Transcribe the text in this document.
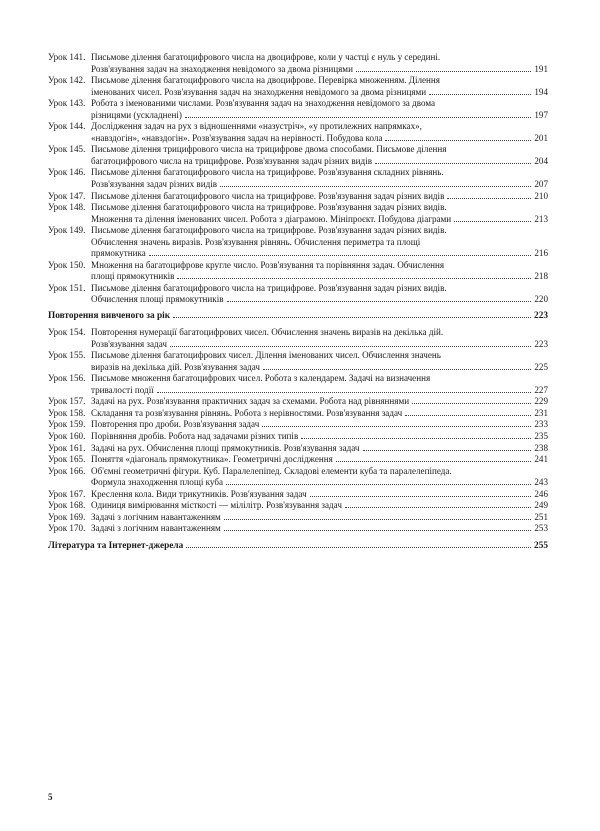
Урок 141. Письмове ділення багатоцифрового числа на двоцифрове, коли у частці є нуль у середині.
Розв'язування задач на знаходження невідомого за двома різницями	191
Урок 142. Письмове ділення багатоцифрового числа на двоцифрове. Перевірка множенням. Ділення
іменованих чисел. Розв'язування задач на знаходження невідомого за двома різницями	194
Урок 143. Робота з іменованими числами. Розв'язування задач на знаходження невідомого за двома
різницями (ускладнені)	197
Урок 144. Дослідження задач на рух з відношеннями «назустріч», «у протилежних напрямках»,
«навздогін», «навздогін». Розв'язування задач на нерівності. Побудова кола	201
Урок 145. Письмове ділення трицифрового числа на трицифрове двома способами. Письмове ділення
багатоцифрового числа на трицифрове. Розв'язування задач різних видів	204
Урок 146. Письмове ділення багатоцифрового числа на трицифрове. Розв'язування складних рівнянь.
Розв'язування задач різних видів	207
Урок 147. Письмове ділення багатоцифрового числа на трицифрове. Розв'язування задач різних видів	210
Урок 148. Письмове ділення багатоцифрового числа на трицифрове. Розв'язування задач різних видів.
Множення та ділення іменованих чисел. Робота з діаграмою. Мініпроєкт. Побудова діаграми	213
Урок 149. Письмове ділення багатоцифрового числа на трицифрове. Розв'язування задач різних видів.
Обчислення значень виразів. Розв'язування рівнянь. Обчислення периметра та площі
прямокутника	216
Урок 150. Множення на багатоцифрове кругле число. Розв'язування та порівняння задач. Обчислення
площі прямокутників	218
Урок 151. Письмове ділення багатоцифрового числа на трицифрове. Розв'язування задач різних видів.
Обчислення площі прямокутників	220
Повторення вивченого за рік	223
Урок 154. Повторення нумерації багатоцифрових чисел. Обчислення значень виразів на декілька дій.
Розв'язування задач	223
Урок 155. Письмове ділення багатоцифрових чисел. Ділення іменованих чисел. Обчислення значень
виразів на декілька дій. Розв'язування задач	225
Урок 156. Письмове множення багатоцифрових чисел. Робота з календарем. Задачі на визначення
тривалості події	227
Урок 157. Задачі на рух. Розв'язування практичних задач за схемами. Робота над рівняннями	229
Урок 158. Складання та розв'язування рівнянь. Робота з нерівностями. Розв'язування задач	231
Урок 159. Повторення про дроби. Розв'язування задач	233
Урок 160. Порівняння дробів. Робота над задачами різних типів	235
Урок 161. Задачі на рух. Обчислення площі прямокутників. Розв'язування задач	238
Урок 165. Поняття «діагональ прямокутника». Геометричні дослідження	241
Урок 166. Об'ємні геометричні фігури. Куб. Паралелепіпед. Складові елементи куба та паралелепіпеда.
Формула знаходження площі куба	243
Урок 167. Креслення кола. Види трикутників. Розв'язування задач	246
Урок 168. Одиниця вимірювання місткості — мілілітр. Розв'язування задач	249
Урок 169. Задачі з логічним навантаженням	251
Урок 170. Задачі з логічним навантаженням	253
Література та Інтернет-джерела	255
5
